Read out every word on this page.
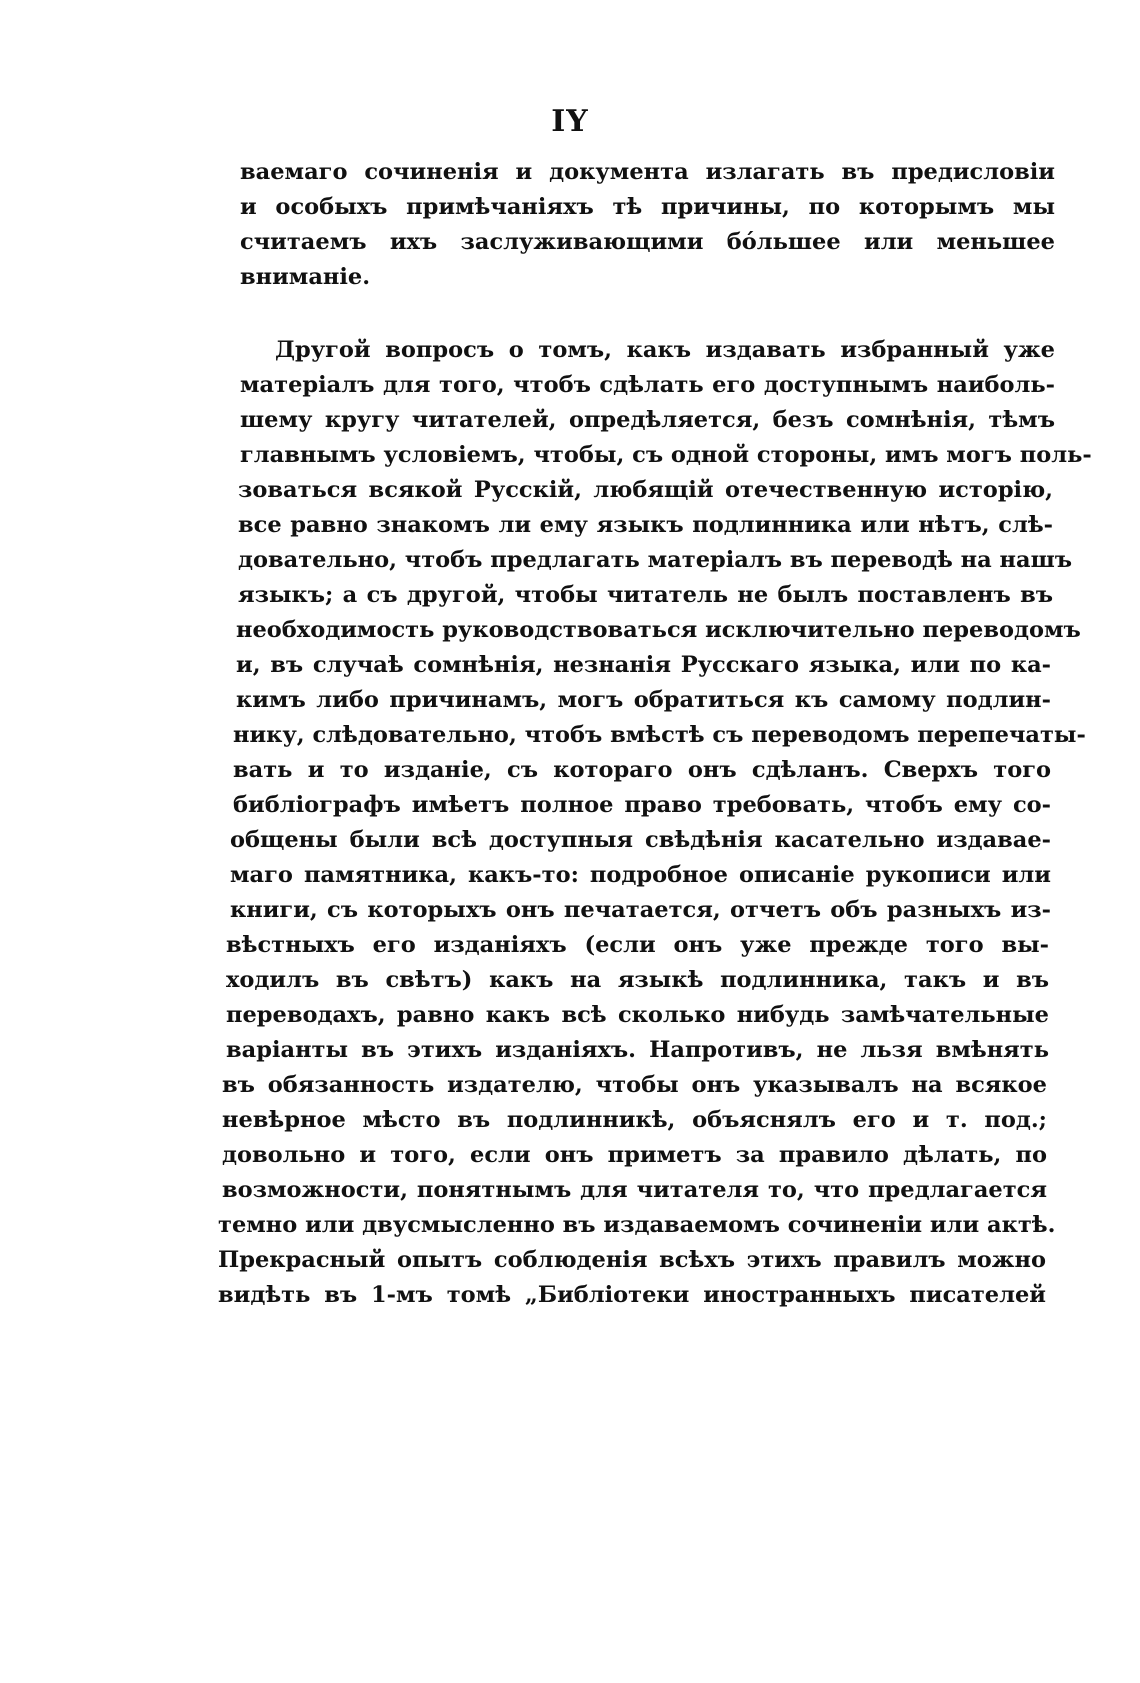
IY
ваемаго сочиненія и документа излагать въ предисловіи
и особыхъ примѣчаніяхъ тѣ причины, по которымъ мы
считаемъ ихъ заслуживающими бóльшее или меньшее
вниманіе.
Другой вопросъ о томъ, какъ издавать избранный уже
матеріалъ для того, чтобъ сдѣлать его доступнымъ наиболь-
шему кругу читателей, опредѣляется, безъ сомнѣнія, тѣмъ
главнымъ условіемъ, чтобы, съ одной стороны, имъ могъ поль-
зоваться всякой Русскій, любящій отечественную исторію,
все равно знакомъ ли ему языкъ подлинника или нѣтъ, слѣ-
довательно, чтобъ предлагать матеріалъ въ переводѣ на нашъ
языкъ; а съ другой, чтобы читатель не былъ поставленъ въ
необходимость руководствоваться исключительно переводомъ
и, въ случаѣ сомнѣнія, незнанія Русскаго языка, или по ка-
кимъ либо причинамъ, могъ обратиться къ самому подлин-
нику, слѣдовательно, чтобъ вмѣстѣ съ переводомъ перепечаты-
вать и то изданіе, съ котораго онъ сдѣланъ. Сверхъ того
библіографъ имѣетъ полное право требовать, чтобъ ему со-
общены были всѣ доступныя свѣдѣнія касательно издавае-
маго памятника, какъ-то: подробное описаніе рукописи или
книги, съ которыхъ онъ печатается, отчетъ объ разныхъ из-
вѣстныхъ его изданіяхъ (если онъ уже прежде того вы-
ходилъ въ свѣтъ) какъ на языкѣ подлинника, такъ и въ
переводахъ, равно какъ всѣ сколько нибудь замѣчательные
варіанты въ этихъ изданіяхъ. Напротивъ, не льзя вмѣнять
въ обязанность издателю, чтобы онъ указывалъ на всякое
невѣрное мѣсто въ подлинникѣ, объяснялъ его и т. под.;
довольно и того, если онъ приметъ за правило дѣлать, по
возможности, понятнымъ для читателя то, что предлагается
темно или двусмысленно въ издаваемомъ сочиненіи или актѣ.
Прекрасный опытъ соблюденія всѣхъ этихъ правилъ можно
видѣть въ 1-мъ томѣ „Библіотеки иностранныхъ писателей
